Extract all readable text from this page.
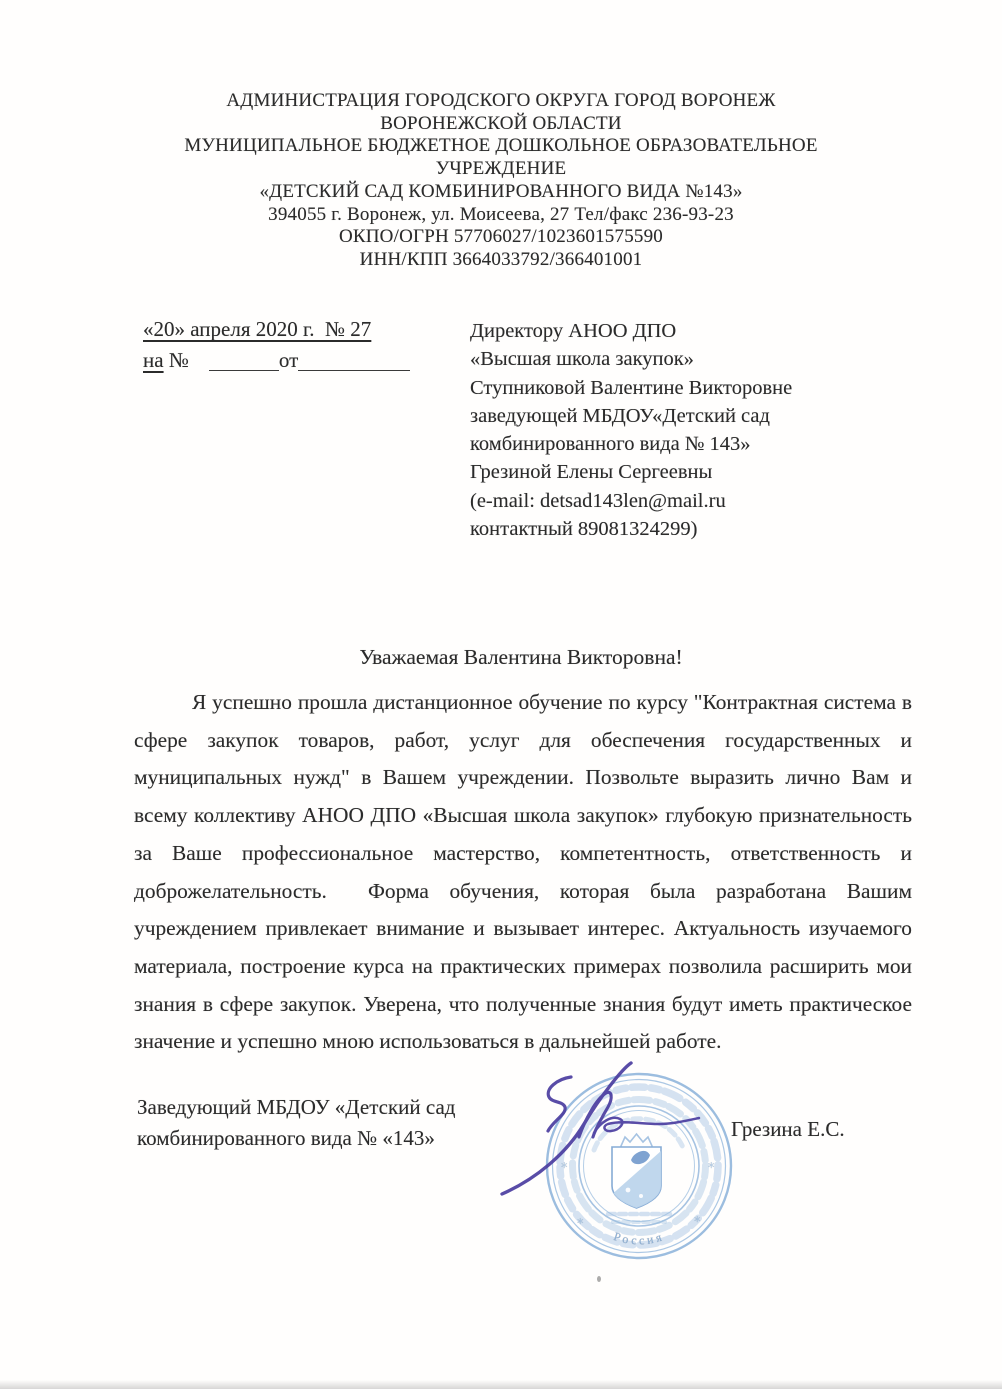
АДМИНИСТРАЦИЯ ГОРОДСКОГО ОКРУГА ГОРОД ВОРОНЕЖ
ВОРОНЕЖСКОЙ ОБЛАСТИ
МУНИЦИПАЛЬНОЕ БЮДЖЕТНОЕ ДОШКОЛЬНОЕ ОБРАЗОВАТЕЛЬНОЕ
УЧРЕЖДЕНИЕ
«ДЕТСКИЙ САД КОМБИНИРОВАННОГО ВИДА №143»
394055 г. Воронеж, ул. Моисеева, 27 Тел/факс 236-93-23
ОКПО/ОГРН 57706027/1023601575590
ИНН/КПП 3664033792/366401001
«20» апреля 2020 г.  № 27
на №	от
Директору АНОО ДПО
«Высшая школа закупок»
Ступниковой Валентине Викторовне
заведующей МБДОУ«Детский сад
комбинированного вида № 143»
Грезиной Елены Сергеевны
(e-mail: detsad143len@mail.ru
контактный 89081324299)
Уважаемая Валентина Викторовна!

Я успешно прошла дистанционное обучение по курсу "Контрактная система в сфере закупок товаров, работ, услуг для обеспечения государственных и муниципальных нужд" в Вашем учреждении. Позвольте выразить лично Вам и всему коллективу АНОО ДПО «Высшая школа закупок» глубокую признательность за Ваше профессиональное мастерство, компетентность, ответственность и доброжелательность.  Форма обучения, которая была разработана Вашим учреждением привлекает внимание и вызывает интерес. Актуальность изучаемого материала, построение курса на практических примерах позволила расширить мои знания в сфере закупок. Уверена, что полученные знания будут иметь практическое значение и успешно мною использоваться в дальнейшей работе.

Заведующий МБДОУ «Детский сад
комбинированного вида № «143»	Грезина Е.С.
*	*
*	*
Россия
